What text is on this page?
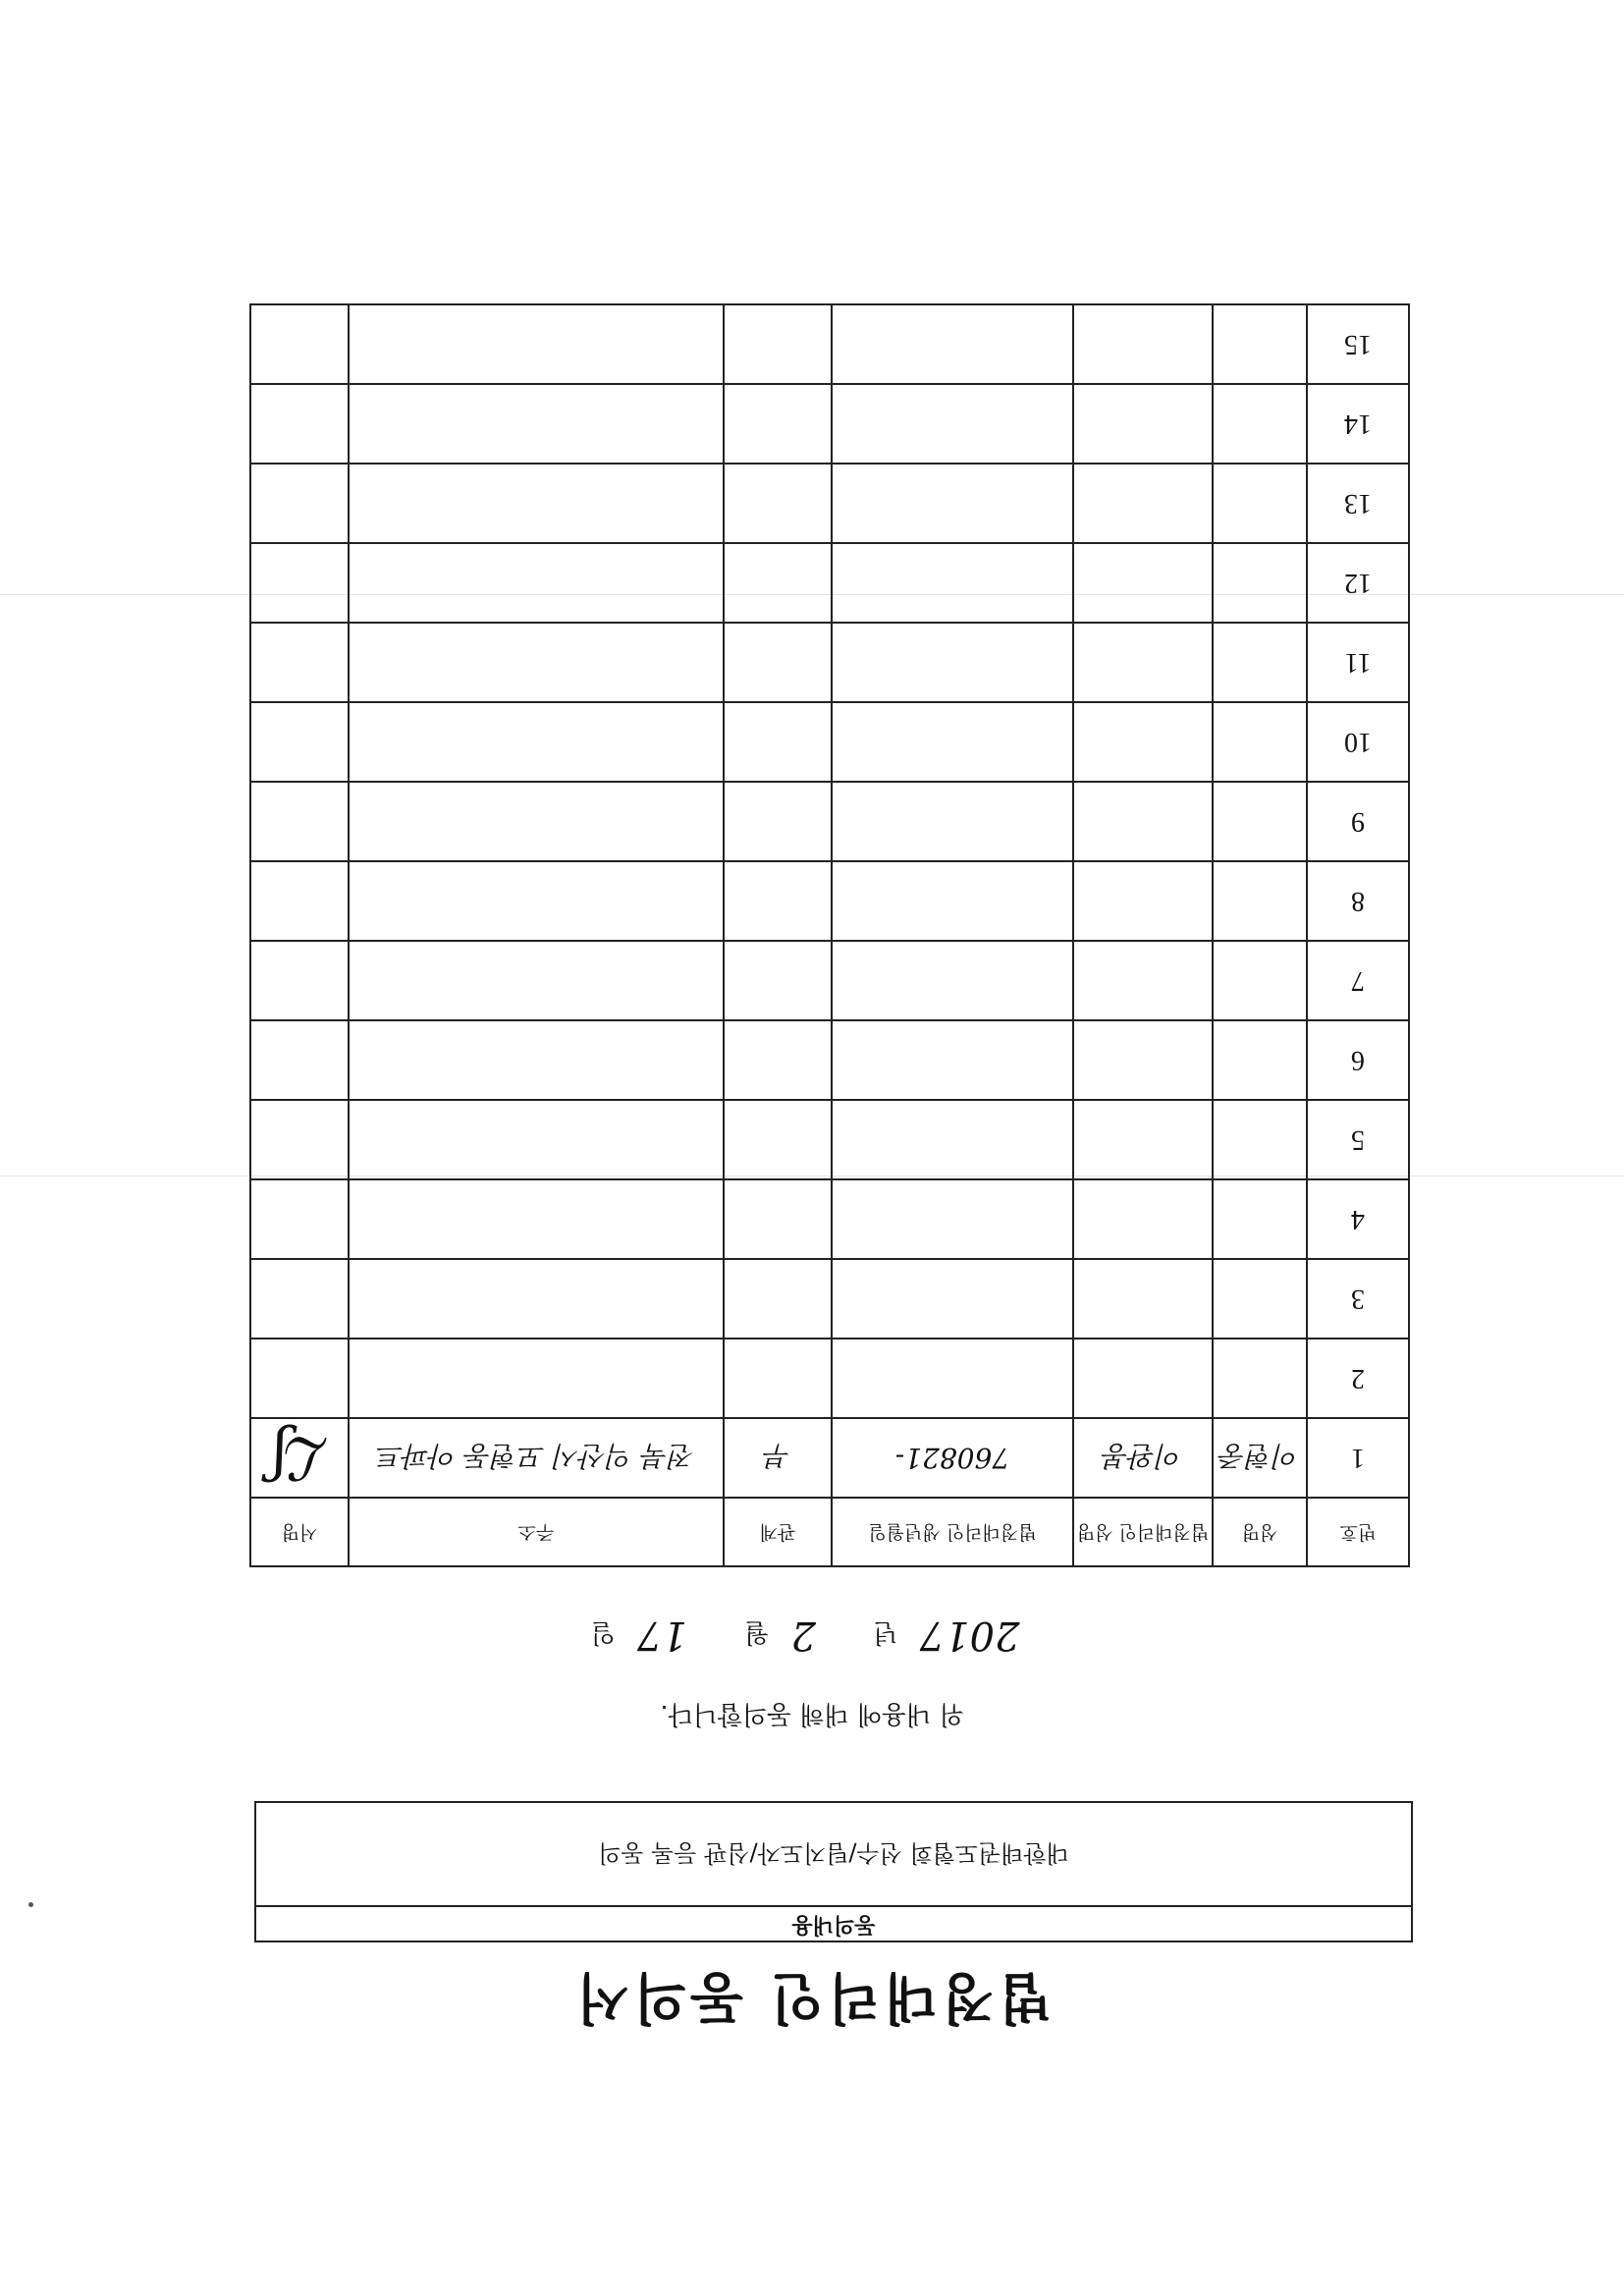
법정대리인 동의서
동의내용
대한태권도협회 선수/팀지도자/심판 등록 동의
위 내용에 대해 동의합니다.
2017 년 2 월 17 일
번호	성명	법정대리인 성명	법정대리인 생년월일	관계	주소	서명
1	이현중	이완봉	760821-	부	전북 익산시 모현동 아파트	ℒʃ
2						
3						
4						
5						
6						
7						
8						
9						
10						
11						
12						
13						
14						
15						
